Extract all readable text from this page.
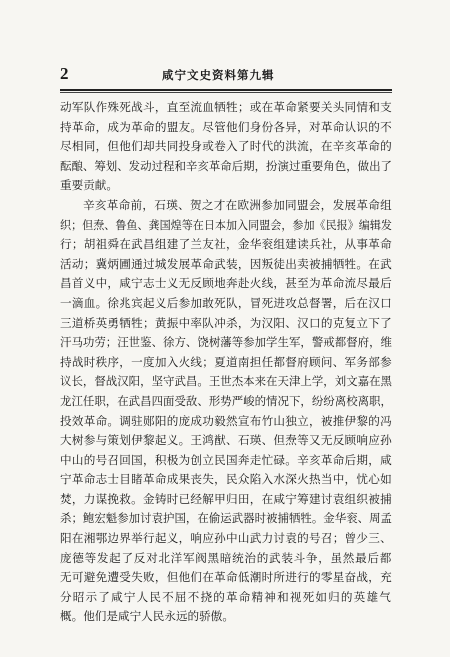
2	咸宁文史资料第九辑
动军队作殊死战斗，直至流血牺牲；或在革命紧要关头同情和支
持革命，成为革命的盟友。尽管他们身份各异，对革命认识的不
尽相同，但他们却共同投身或卷入了时代的洪流，在辛亥革命的
酝酿、筹划、发动过程和辛亥革命后期，扮演过重要角色，做出了
重要贡献。
辛亥革命前，石瑛、贺之才在欧洲参加同盟会，发展革命组
织；但焘、鲁鱼、龚国煌等在日本加入同盟会，参加《民报》编辑发
行；胡祖舜在武昌组建了兰友社，金华衮组建读兵社，从事革命
活动；冀炳圃通过城发展革命武装，因叛徒出卖被捕牺牲。在武
昌首义中，咸宁志士义无反顾地奔赴火线，甚至为革命流尽最后
一滴血。徐兆宾起义后参加敢死队，冒死进攻总督署，后在汉口
三道桥英勇牺牲；黄振中率队冲杀，为汉阳、汉口的克复立下了
汗马功劳；汪世鉴、徐方、饶树藩等参加学生军，警戒都督府，维
持战时秩序，一度加入火线；夏道南担任都督府顾问、军务部参
议长，督战汉阳，坚守武昌。王世杰本来在天津上学，刘文嘉在黑
龙江任职，在武昌四面受敌、形势严峻的情况下，纷纷离校离职，
投效革命。调驻郧阳的庞成功毅然宣布竹山独立，被推伊黎的冯
大树参与策划伊黎起义。王鸿猷、石瑛、但焘等又无反顾响应孙
中山的号召回国，积极为创立民国奔走忙碌。辛亥革命后期，咸
宁革命志士目睹革命成果丧失，民众陷入水深火热当中，忧心如
焚，力谋挽救。金铸时已经解甲归田，在咸宁筹建讨袁组织被捕
杀；鲍宏魁参加讨袁护国，在偷运武器时被捕牺牲。金华衮、周孟
阳在湘鄂边界举行起义，响应孙中山武力讨袁的号召；曾少三、
庞德等发起了反对北洋军阀黑暗统治的武装斗争，虽然最后都
无可避免遭受失败，但他们在革命低潮时所进行的零星奋战，充
分昭示了咸宁人民不屈不挠的革命精神和视死如归的英雄气
概。他们是咸宁人民永远的骄傲。
